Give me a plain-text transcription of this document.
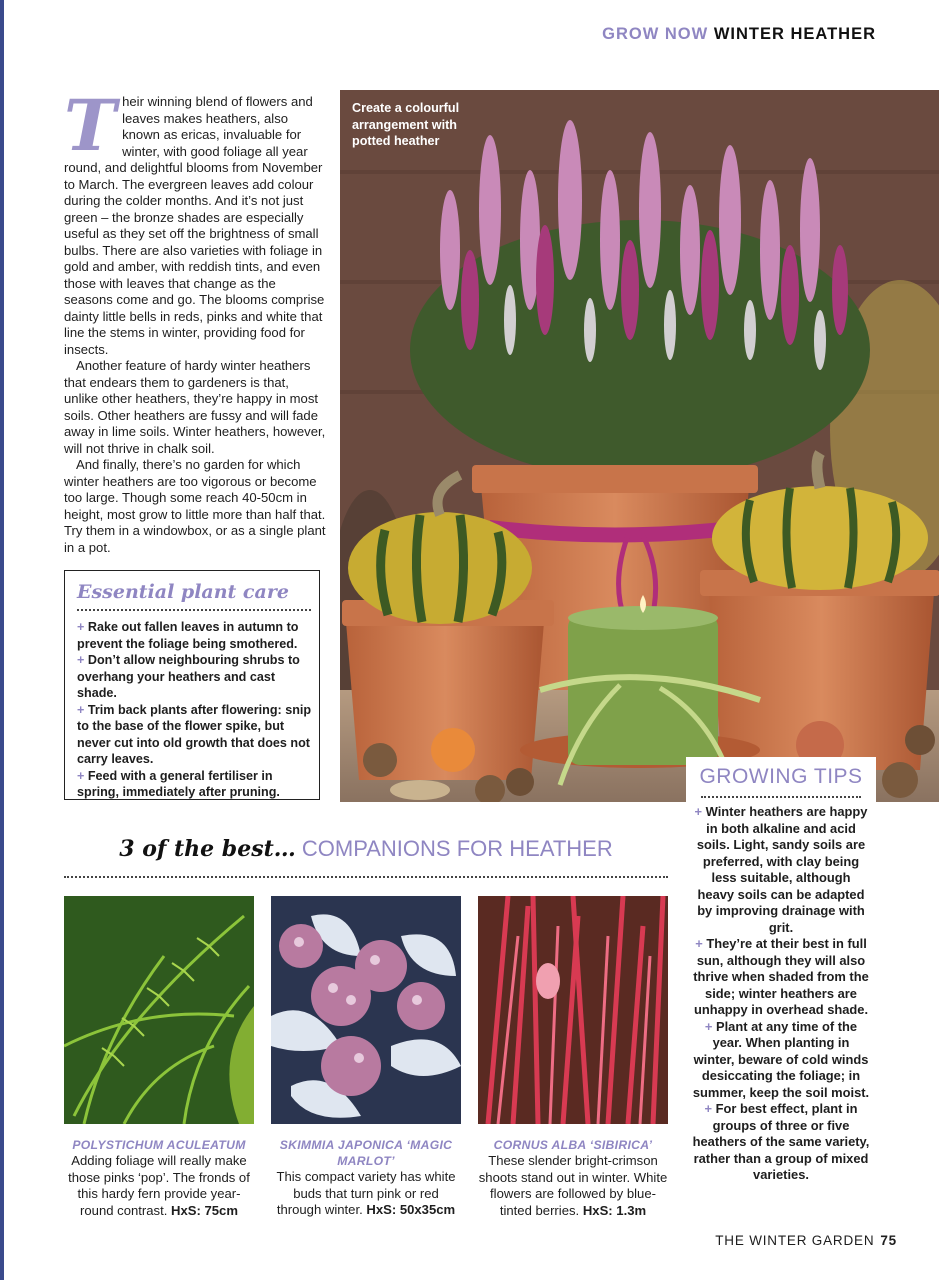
GROW NOW WINTER HEATHER

Their winning blend of flowers and leaves makes heathers, also known as ericas, invaluable for winter, with good foliage all year round, and delightful blooms from November to March. The evergreen leaves add colour during the colder months. And it’s not just green – the bronze shades are especially useful as they set off the brightness of small bulbs. There are also varieties with foliage in gold and amber, with reddish tints, and even those with leaves that change as the seasons come and go. The blooms comprise dainty little bells in reds, pinks and white that line the stems in winter, providing food for insects.

Another feature of hardy winter heathers that endears them to gardeners is that, unlike other heathers, they’re happy in most soils. Other heathers are fussy and will fade away in lime soils. Winter heathers, however, will not thrive in chalk soil.

And finally, there’s no garden for which winter heathers are too vigorous or become too large. Though some reach 40-50cm in height, most grow to little more than half that. Try them in a windowbox, or as a single plant in a pot.

Essential plant care
+ Rake out fallen leaves in autumn to prevent the foliage being smothered.
+ Don’t allow neighbouring shrubs to overhang your heathers and cast shade.
+ Trim back plants after flowering: snip to the base of the flower spike, but never cut into old growth that does not carry leaves.
+ Feed with a general fertiliser in spring, immediately after pruning.
Create a colourful arrangement with potted heather
GROWING TIPS
+ Winter heathers are happy in both alkaline and acid soils. Light, sandy soils are preferred, with clay being less suitable, although heavy soils can be adapted by improving drainage with grit.
+ They’re at their best in full sun, although they will also thrive when shaded from the side; winter heathers are unhappy in overhead shade.
+ Plant at any time of the year. When planting in winter, beware of cold winds desiccating the foliage; in summer, keep the soil moist.
+ For best effect, plant in groups of three or five heathers of the same variety, rather than a group of mixed varieties.
3 of the best… COMPANIONS FOR HEATHER
POLYSTICHUM ACULEATUM
Adding foliage will really make those pinks ‘pop’. The fronds of this hardy fern provide year-round contrast. HxS: 75cm
SKIMMIA JAPONICA ‘MAGIC MARLOT’
This compact variety has white buds that turn pink or red through winter. HxS: 50x35cm
CORNUS ALBA ‘SIBIRICA’
These slender bright-crimson shoots stand out in winter. White flowers are followed by blue-tinted berries. HxS: 1.3m
THE WINTER GARDEN 75
